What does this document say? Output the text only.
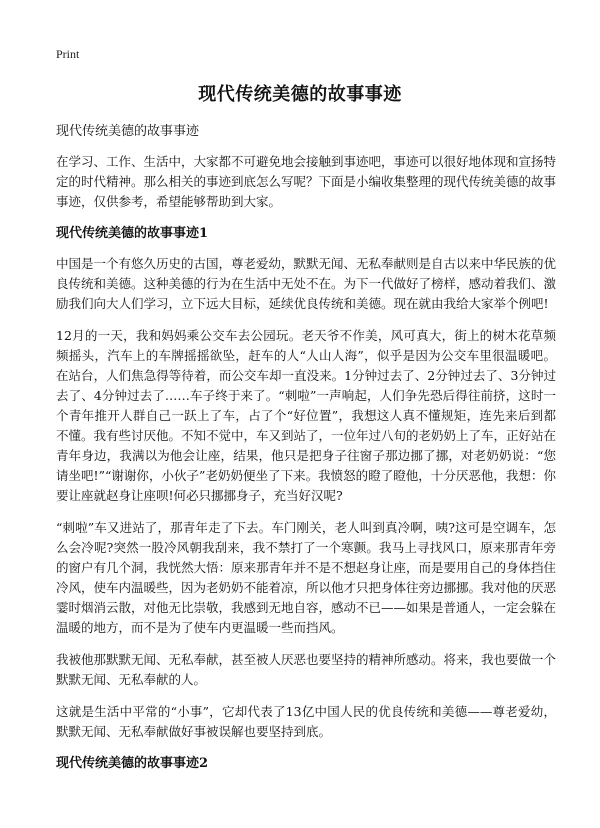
Print
现代传统美德的故事事迹
现代传统美德的故事事迹

在学习、工作、生活中，大家都不可避免地会接触到事迹吧，事迹可以很好地体现和宣扬特定的时代精神。那么相关的事迹到底怎么写呢？下面是小编收集整理的现代传统美德的故事事迹，仅供参考，希望能够帮助到大家。

现代传统美德的故事事迹1

中国是一个有悠久历史的古国，尊老爱幼，默默无闻、无私奉献则是自古以来中华民族的优良传统和美德。这种美德的行为在生活中无处不在。为下一代做好了榜样，感动着我们、激励我们向大人们学习，立下远大目标，延续优良传统和美德。现在就由我给大家举个例吧!

12月的一天，我和妈妈乘公交车去公园玩。老天爷不作美，风可真大，街上的树木花草频频摇头，汽车上的车牌摇摇欲坠，赶车的人“人山人海”，似乎是因为公交车里很温暖吧。在站台，人们焦急得等待着，而公交车却一直没来。1分钟过去了、2分钟过去了、3分钟过去了、4分钟过去了……车子终于来了。“刺啦”一声响起，人们争先恐后得往前挤，这时一个青年推开人群自己一跃上了车，占了个“好位置”，我想这人真不懂规矩，连先来后到都不懂。我有些讨厌他。不知不觉中，车又到站了，一位年过八旬的老奶奶上了车，正好站在青年身边，我满以为他会让座，结果，他只是把身子往窗子那边挪了挪，对老奶奶说：“您请坐吧!”“谢谢你，小伙子”老奶奶便坐了下来。我愤怒的瞪了瞪他，十分厌恶他，我想：你要让座就赵身让座呗!何必只挪挪身子，充当好汉呢?

“刺啦”车又进站了，那青年走了下去。车门刚关，老人叫到真冷啊，咦?这可是空调车，怎么会冷呢?突然一股冷风朝我刮来，我不禁打了一个寒颤。我马上寻找风口，原来那青年旁的窗户有几个洞，我恍然大悟：原来那青年并不是不想赵身让座，而是要用自己的身体挡住冷风，使车内温暖些，因为老奶奶不能着凉，所以他才只把身体往旁边挪挪。我对他的厌恶霎时烟消云散，对他无比崇敬，我感到无地自容，感动不已——如果是普通人，一定会躲在温暖的地方，而不是为了使车内更温暖一些而挡风。

我被他那默默无闻、无私奉献，甚至被人厌恶也要坚持的精神所感动。将来，我也要做一个默默无闻、无私奉献的人。

这就是生活中平常的“小事”，它却代表了13亿中国人民的优良传统和美德——尊老爱幼，默默无闻、无私奉献做好事被误解也要坚持到底。

现代传统美德的故事事迹2
